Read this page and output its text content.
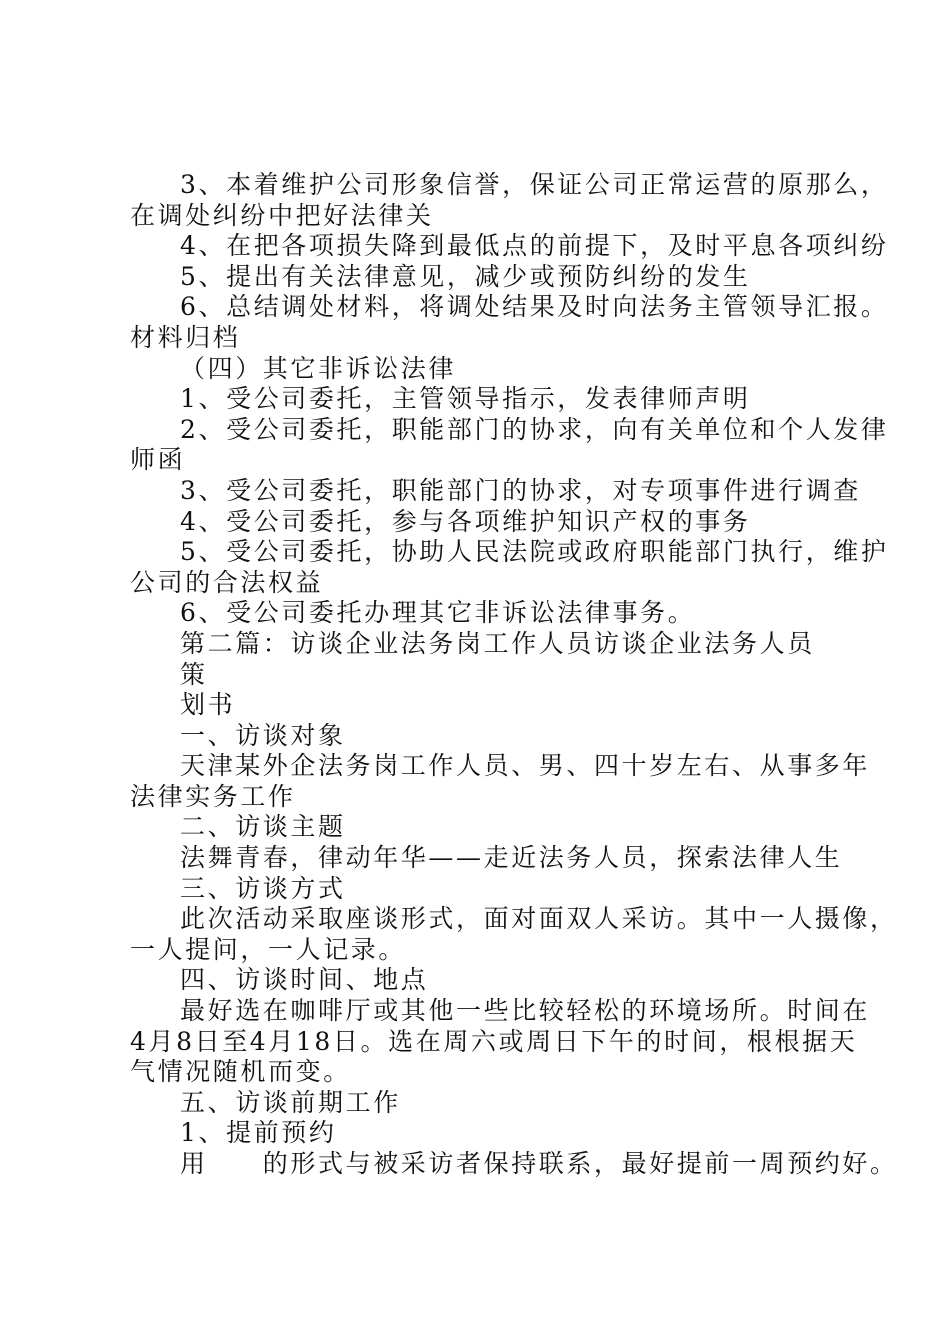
3、本着维护公司形象信誉，保证公司正常运营的原那么，
在调处纠纷中把好法律关
4、在把各项损失降到最低点的前提下，及时平息各项纠纷
5、提出有关法律意见，减少或预防纠纷的发生
6、总结调处材料，将调处结果及时向法务主管领导汇报。
材料归档
（四）其它非诉讼法律
1、受公司委托，主管领导指示，发表律师声明
2、受公司委托，职能部门的协求，向有关单位和个人发律
师函
3、受公司委托，职能部门的协求，对专项事件进行调查
4、受公司委托，参与各项维护知识产权的事务
5、受公司委托，协助人民法院或政府职能部门执行，维护
公司的合法权益
6、受公司委托办理其它非诉讼法律事务。
第二篇：访谈企业法务岗工作人员访谈企业法务人员
策
划书
一、访谈对象
天津某外企法务岗工作人员、男、四十岁左右、从事多年
法律实务工作
二、访谈主题
法舞青春，律动年华——走近法务人员，探索法律人生
三、访谈方式
此次活动采取座谈形式，面对面双人采访。其中一人摄像，
一人提问，一人记录。
四、访谈时间、地点
最好选在咖啡厅或其他一些比较轻松的环境场所。时间在
4月8日至4月18日。选在周六或周日下午的时间，根根据天
气情况随机而变。
五、访谈前期工作
1、提前预约
用　　的形式与被采访者保持联系，最好提前一周预约好。
